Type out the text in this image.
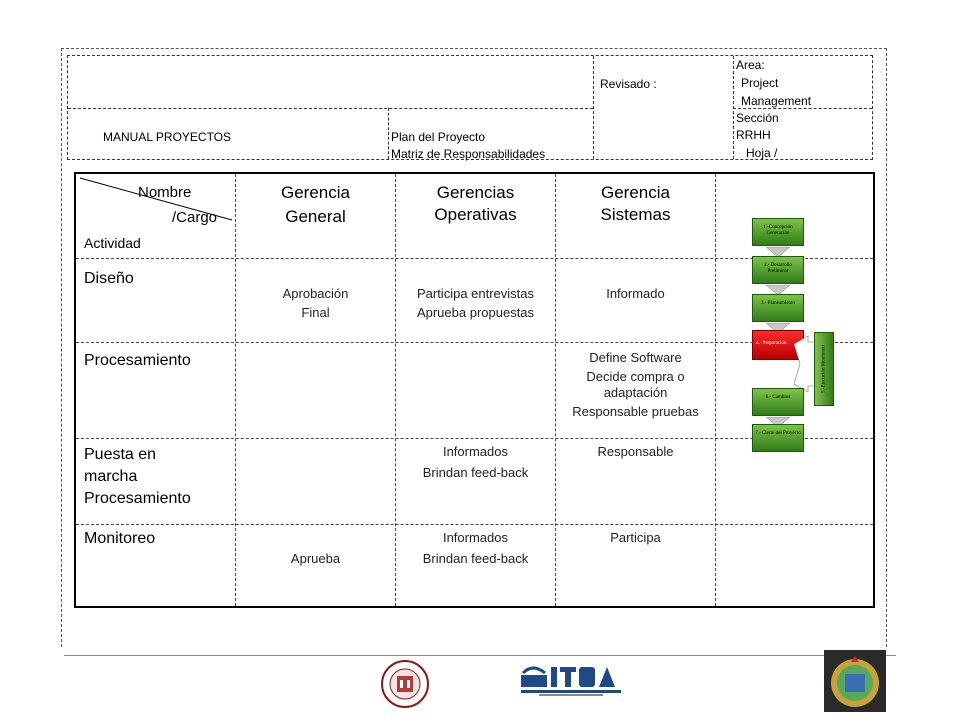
MANUAL PROYECTOS	Plan del Proyecto
Matriz de Responsabilidades
Revisado :
Area:
Project
Management
Sección
RRHH
Hoja /
Nombre
/Cargo
Actividad
Gerencia
General
Gerencias
Operativas
Gerencia
Sistemas
Diseño
Aprobación
Final
Participa entrevistas
Aprueba propuestas
Informado
Procesamiento	Define Software
Decide compra o
adaptación
Responsable pruebas
Puesta en
marcha
Procesamiento
Informados
Brindan feed-back
Responsable
Monitoreo
Aprueba
Informados
Brindan feed-back
Participa
1.-Concepción Generación
2.- Desarrollo Preliminar
3.- Planeamiento
4.- Preparación
6.- Cambios
7.- Cierre del Proyecto
5.-Ejecución Monitoreo
